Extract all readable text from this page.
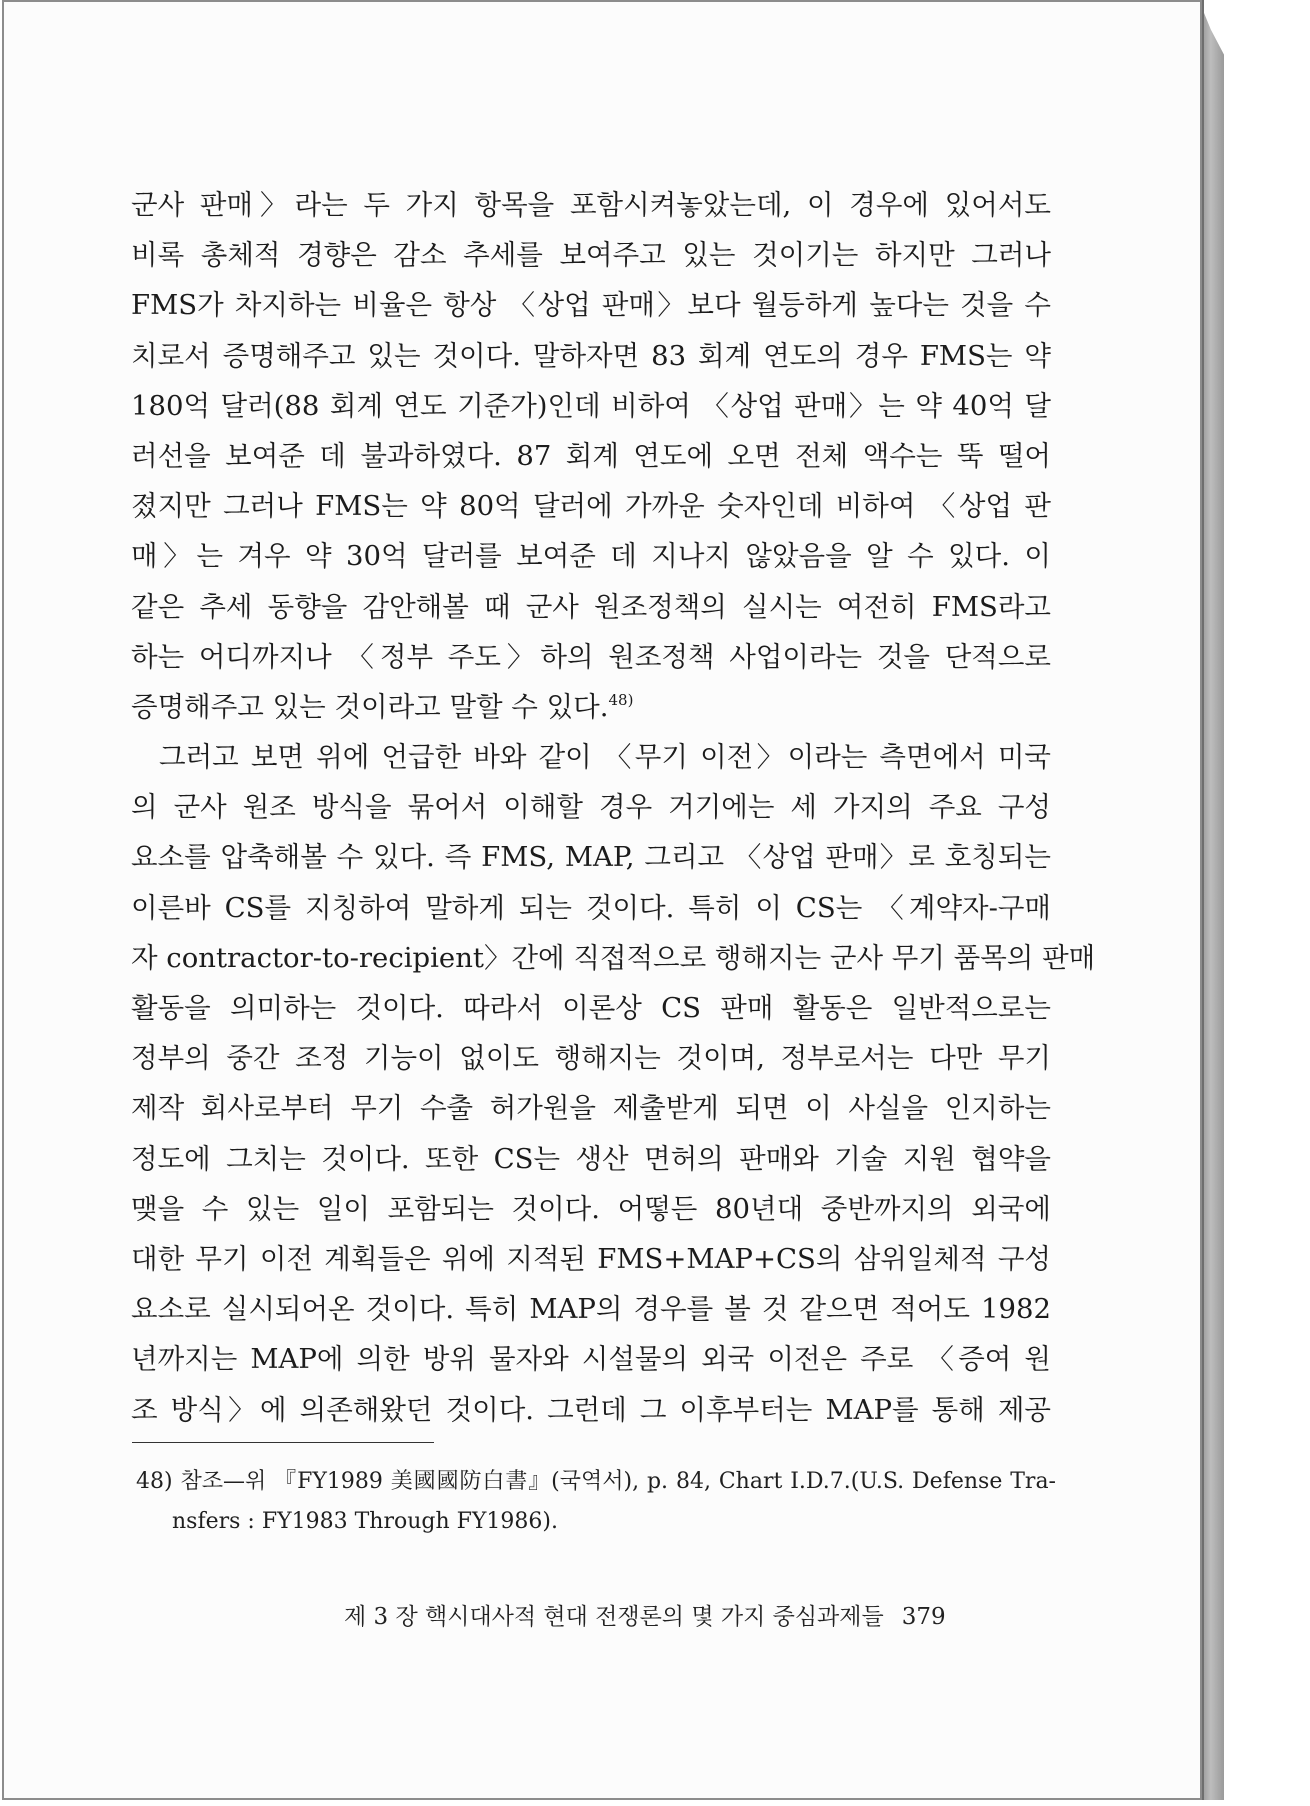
군사 판매〉라는 두 가지 항목을 포함시켜놓았는데, 이 경우에 있어서도
비록 총체적 경향은 감소 추세를 보여주고 있는 것이기는 하지만 그러나
FMS가 차지하는 비율은 항상 〈상업 판매〉보다 월등하게 높다는 것을 수
치로서 증명해주고 있는 것이다. 말하자면 83 회계 연도의 경우 FMS는 약
180억 달러(88 회계 연도 기준가)인데 비하여 〈상업 판매〉는 약 40억 달
러선을 보여준 데 불과하였다. 87 회계 연도에 오면 전체 액수는 뚝 떨어
졌지만 그러나 FMS는 약 80억 달러에 가까운 숫자인데 비하여 〈상업 판
매〉는 겨우 약 30억 달러를 보여준 데 지나지 않았음을 알 수 있다. 이
같은 추세 동향을 감안해볼 때 군사 원조정책의 실시는 여전히 FMS라고
하는 어디까지나 〈정부 주도〉하의 원조정책 사업이라는 것을 단적으로
증명해주고 있는 것이라고 말할 수 있다.$^{48)}$
그러고 보면 위에 언급한 바와 같이 〈무기 이전〉이라는 측면에서 미국
의 군사 원조 방식을 묶어서 이해할 경우 거기에는 세 가지의 주요 구성
요소를 압축해볼 수 있다. 즉 FMS, MAP, 그리고 〈상업 판매〉로 호칭되는
이른바 CS를 지칭하여 말하게 되는 것이다. 특히 이 CS는 〈계약자-구매
자 contractor-to-recipient〉간에 직접적으로 행해지는 군사 무기 품목의 판매
활동을 의미하는 것이다. 따라서 이론상 CS 판매 활동은 일반적으로는
정부의 중간 조정 기능이 없이도 행해지는 것이며, 정부로서는 다만 무기
제작 회사로부터 무기 수출 허가원을 제출받게 되면 이 사실을 인지하는
정도에 그치는 것이다. 또한 CS는 생산 면허의 판매와 기술 지원 협약을
맺을 수 있는 일이 포함되는 것이다. 어떻든 80년대 중반까지의 외국에
대한 무기 이전 계획들은 위에 지적된 FMS+MAP+CS의 삼위일체적 구성
요소로 실시되어온 것이다. 특히 MAP의 경우를 볼 것 같으면 적어도 1982
년까지는 MAP에 의한 방위 물자와 시설물의 외국 이전은 주로 〈증여 원
조 방식〉에 의존해왔던 것이다. 그런데 그 이후부터는 MAP를 통해 제공
48) 참조—위 『FY1989 美國國防白書』(국역서), p. 84, Chart I.D.7.(U.S. Defense Tra-
nsfers : FY1983 Through FY1986).
제 3 장 핵시대사적 현대 전쟁론의 몇 가지 중심과제들 379
